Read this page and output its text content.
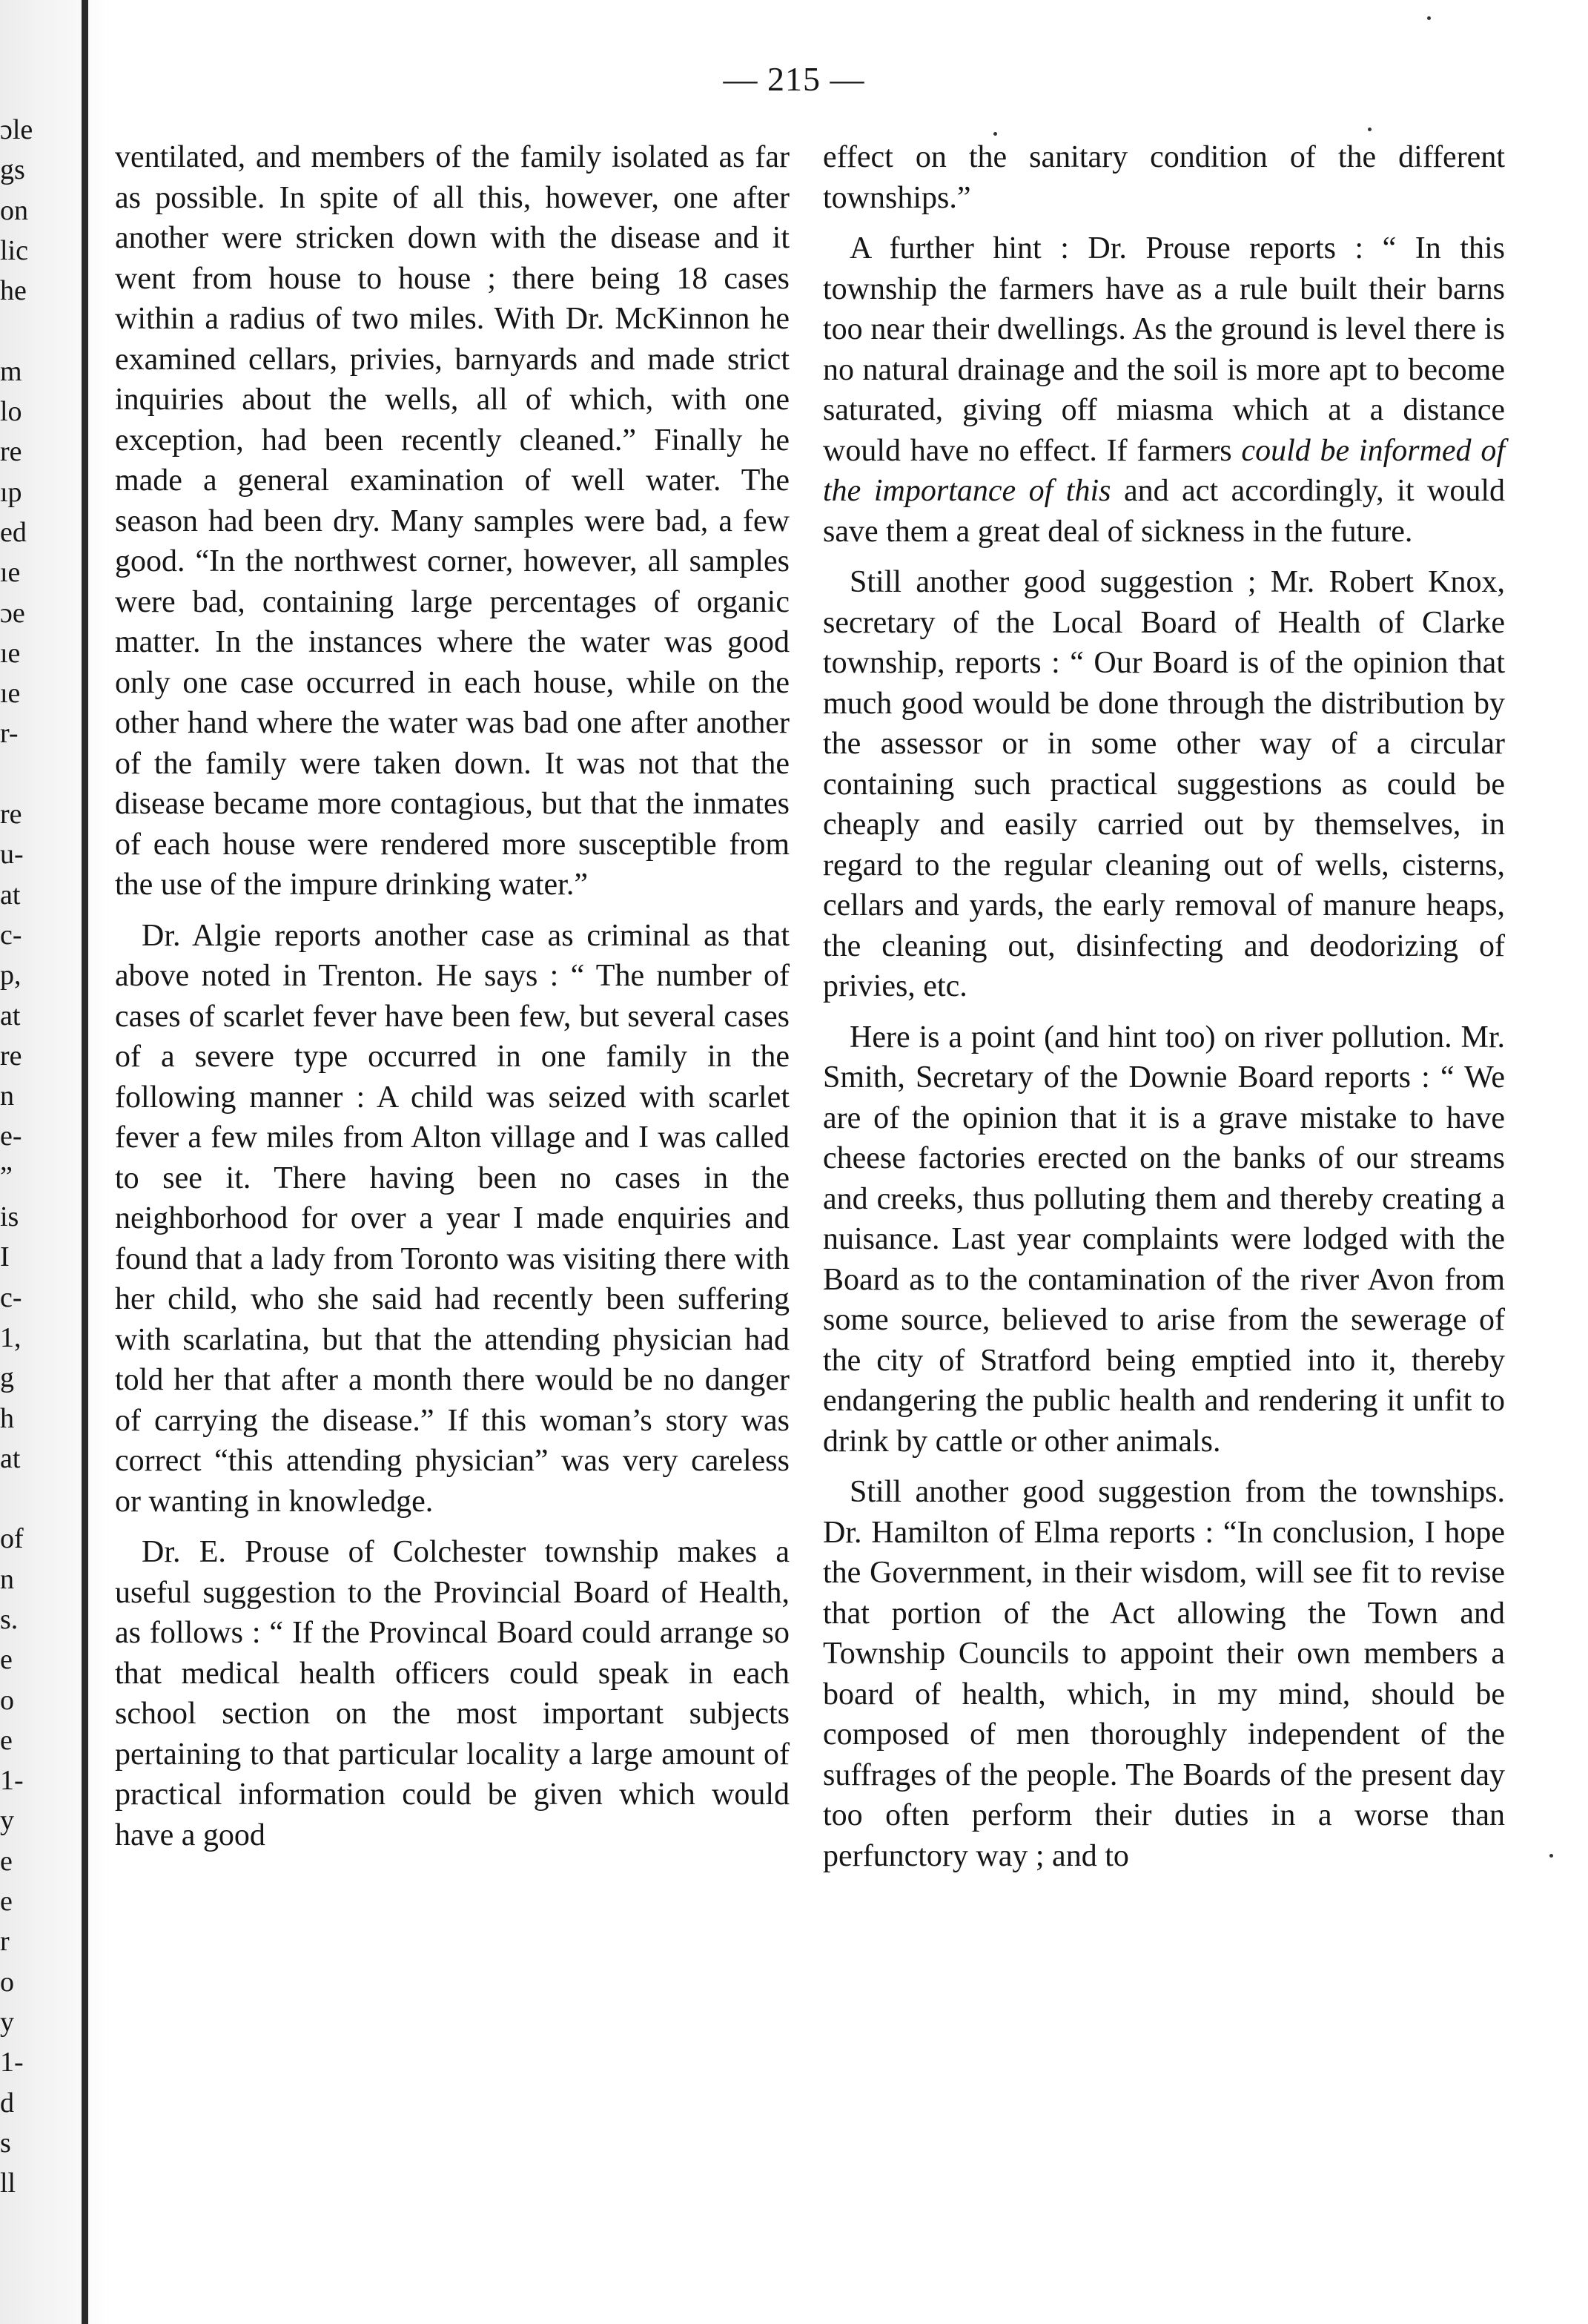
ɔle
gs
on
lic
he
m
lo
re
ıp
ed
ıe
ɔe
ıe
ıe
r-
re
u-
at
c-
p,
at
re
n
e-
”
is
I
c-
1,
g
h
at
of
n
s.
e
o
e
1-
y
e
e
r
o
y
1-
d
s
ll
— 215 —

ventilated, and members of the family isolated as far as possible. In spite of all this, however, one after another were stricken down with the disease and it went from house to house ; there being 18 cases within a radius of two miles. With Dr. McKinnon he examined cellars, privies, barnyards and made strict inquiries about the wells, all of which, with one exception, had been recently cleaned.” Finally he made a general examination of well water. The season had been dry. Many samples were bad, a few good. “In the northwest corner, however, all samples were bad, containing large percentages of organic matter. In the instances where the water was good only one case occurred in each house, while on the other hand where the water was bad one after another of the family were taken down. It was not that the disease became more contagious, but that the inmates of each house were rendered more susceptible from the use of the impure drinking water.”

Dr. Algie reports another case as criminal as that above noted in Trenton. He says : “ The number of cases of scarlet fever have been few, but several cases of a severe type occurred in one family in the following manner : A child was seized with scarlet fever a few miles from Alton village and I was called to see it. There having been no cases in the neighborhood for over a year I made enquiries and found that a lady from Toronto was visiting there with her child, who she said had recently been suffering with scarlatina, but that the attending physician had told her that after a month there would be no danger of carrying the disease.” If this woman’s story was correct “this attending physician” was very careless or wanting in knowledge.

Dr. E. Prouse of Colchester township makes a useful suggestion to the Provincial Board of Health, as follows : “ If the Provincal Board could arrange so that medical health officers could speak in each school section on the most important subjects pertaining to that particular locality a large amount of practical information could be given which would have a good

effect on the sanitary condition of the different townships.”

A further hint : Dr. Prouse reports : “ In this township the farmers have as a rule built their barns too near their dwellings. As the ground is level there is no natural drainage and the soil is more apt to become saturated, giving off miasma which at a distance would have no effect. If farmers could be informed of the importance of this and act accordingly, it would save them a great deal of sickness in the future.

Still another good suggestion ; Mr. Robert Knox, secretary of the Local Board of Health of Clarke township, reports : “ Our Board is of the opinion that much good would be done through the distribution by the assessor or in some other way of a circular containing such practical suggestions as could be cheaply and easily carried out by themselves, in regard to the regular cleaning out of wells, cisterns, cellars and yards, the early removal of manure heaps, the cleaning out, disinfecting and deodorizing of privies, etc.

Here is a point (and hint too) on river pollution. Mr. Smith, Secretary of the Downie Board reports : “ We are of the opinion that it is a grave mistake to have cheese factories erected on the banks of our streams and creeks, thus polluting them and thereby creating a nuisance. Last year complaints were lodged with the Board as to the contamination of the river Avon from some source, believed to arise from the sewerage of the city of Stratford being emptied into it, thereby endangering the public health and rendering it unfit to drink by cattle or other animals.

Still another good suggestion from the townships. Dr. Hamilton of Elma reports : “In conclusion, I hope the Government, in their wisdom, will see fit to revise that portion of the Act allowing the Town and Township Councils to appoint their own members a board of health, which, in my mind, should be composed of men thoroughly independent of the suffrages of the people. The Boards of the present day too often perform their duties in a worse than perfunctory way ; and to
